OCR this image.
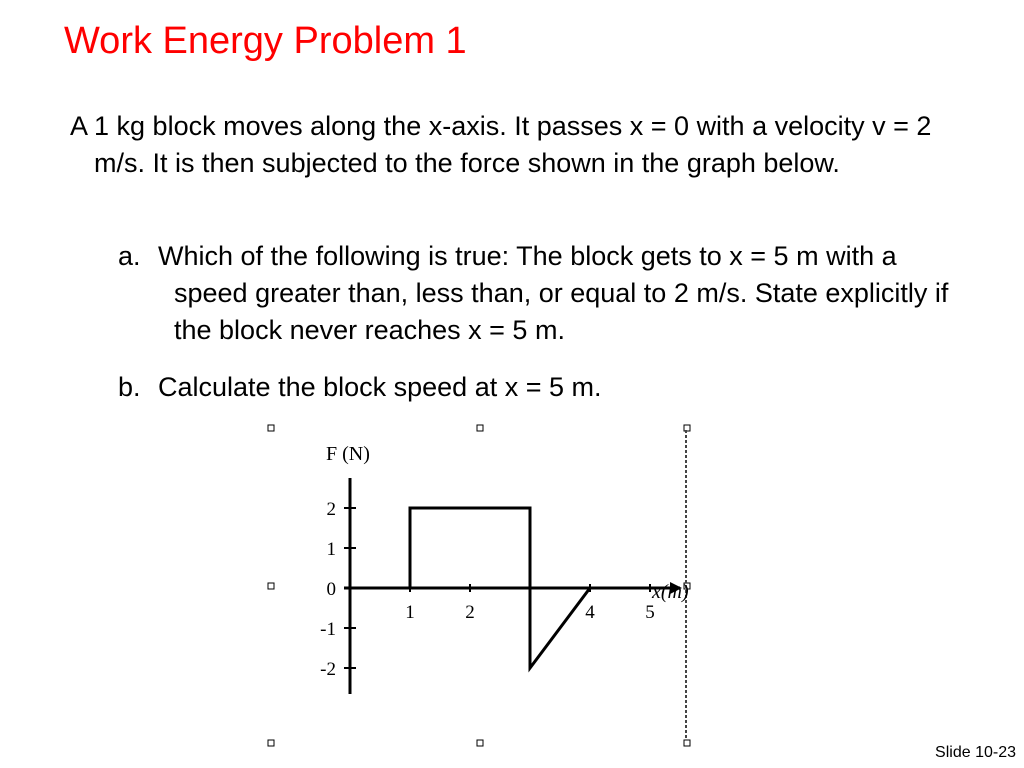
Work Energy Problem 1

A 1 kg block moves along the x-axis. It passes x = 0 with a velocity v = 2 m/s. It is then subjected to the force shown in the graph below.

a. Which of the following is true: The block gets to x = 5 m with a speed greater than, less than, or equal to 2 m/s. State explicitly if the block never reaches x = 5 m.
b. Calculate the block speed at x = 5 m.
F (N)
x(m)
2
1
0
-1
-2
1	2	4	5
Slide 10-23
